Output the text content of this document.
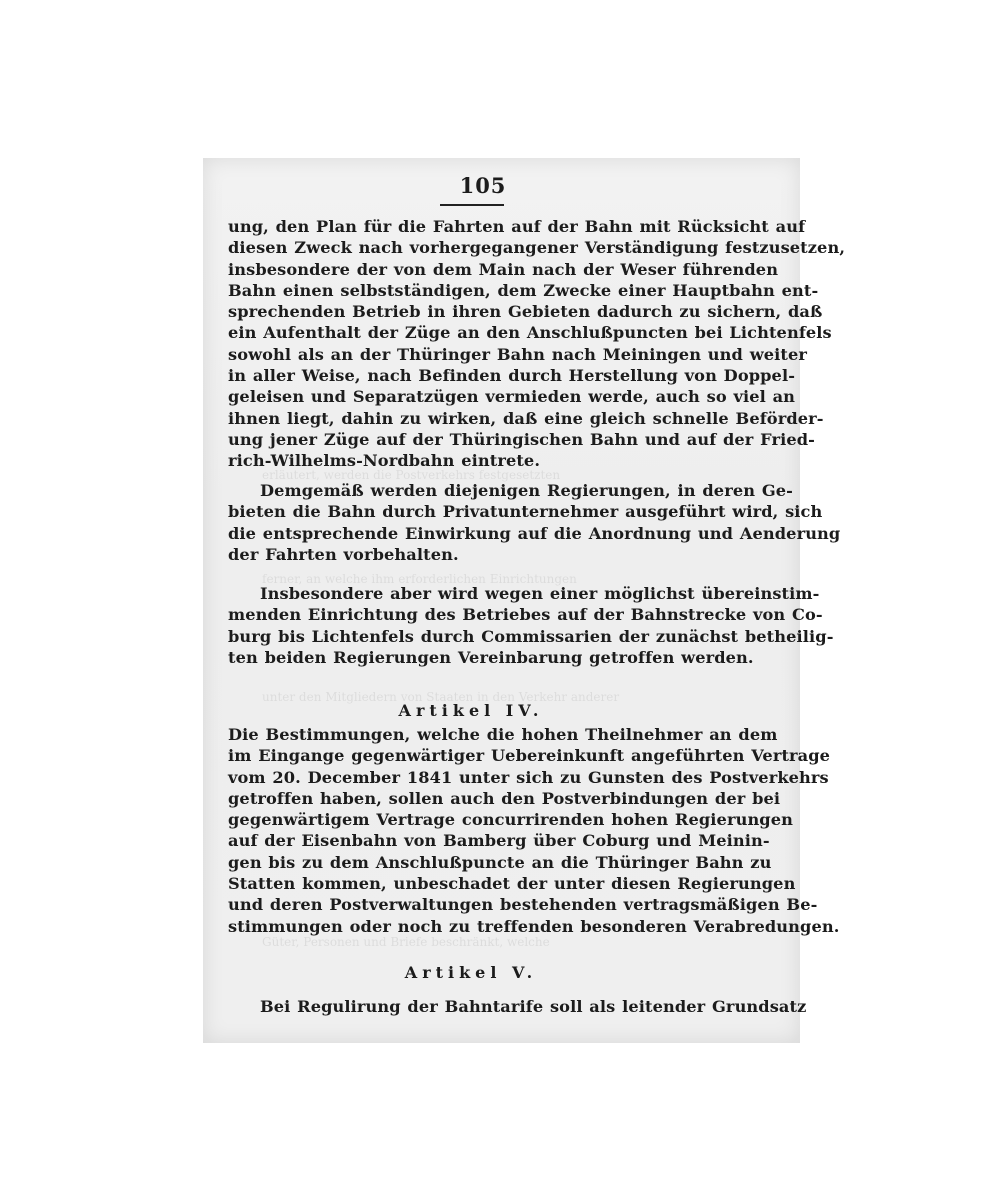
erläutert, werden die Postverkehrs festgesetzten
ferner, an welche ihm erforderlichen Einrichtungen
unter den Mitgliedern von Staaten in den Verkehr anderer
Güter, Personen und Briefe beschränkt, welche
105
ung, den Plan für die Fahrten auf der Bahn mit Rücksicht auf
diesen Zweck nach vorhergegangener Verständigung festzusetzen,
insbesondere der von dem Main nach der Weser führenden
Bahn einen selbstständigen, dem Zwecke einer Hauptbahn ent-
sprechenden Betrieb in ihren Gebieten dadurch zu sichern, daß
ein Aufenthalt der Züge an den Anschlußpuncten bei Lichtenfels
sowohl als an der Thüringer Bahn nach Meiningen und weiter
in aller Weise, nach Befinden durch Herstellung von Doppel-
geleisen und Separatzügen vermieden werde, auch so viel an
ihnen liegt, dahin zu wirken, daß eine gleich schnelle Beförder-
ung jener Züge auf der Thüringischen Bahn und auf der Fried-
rich-Wilhelms-Nordbahn eintrete.
Demgemäß werden diejenigen Regierungen, in deren Ge-
bieten die Bahn durch Privatunternehmer ausgeführt wird, sich
die entsprechende Einwirkung auf die Anordnung und Aenderung
der Fahrten vorbehalten.
Insbesondere aber wird wegen einer möglichst übereinstim-
menden Einrichtung des Betriebes auf der Bahnstrecke von Co-
burg bis Lichtenfels durch Commissarien der zunächst betheilig-
ten beiden Regierungen Vereinbarung getroffen werden.
Artikel IV.
Die Bestimmungen, welche die hohen Theilnehmer an dem
im Eingange gegenwärtiger Uebereinkunft angeführten Vertrage
vom 20. December 1841 unter sich zu Gunsten des Postverkehrs
getroffen haben, sollen auch den Postverbindungen der bei
gegenwärtigem Vertrage concurrirenden hohen Regierungen
auf der Eisenbahn von Bamberg über Coburg und Meinin-
gen bis zu dem Anschlußpuncte an die Thüringer Bahn zu
Statten kommen, unbeschadet der unter diesen Regierungen
und deren Postverwaltungen bestehenden vertragsmäßigen Be-
stimmungen oder noch zu treffenden besonderen Verabredungen.
Artikel V.
Bei Regulirung der Bahntarife soll als leitender Grundsatz
